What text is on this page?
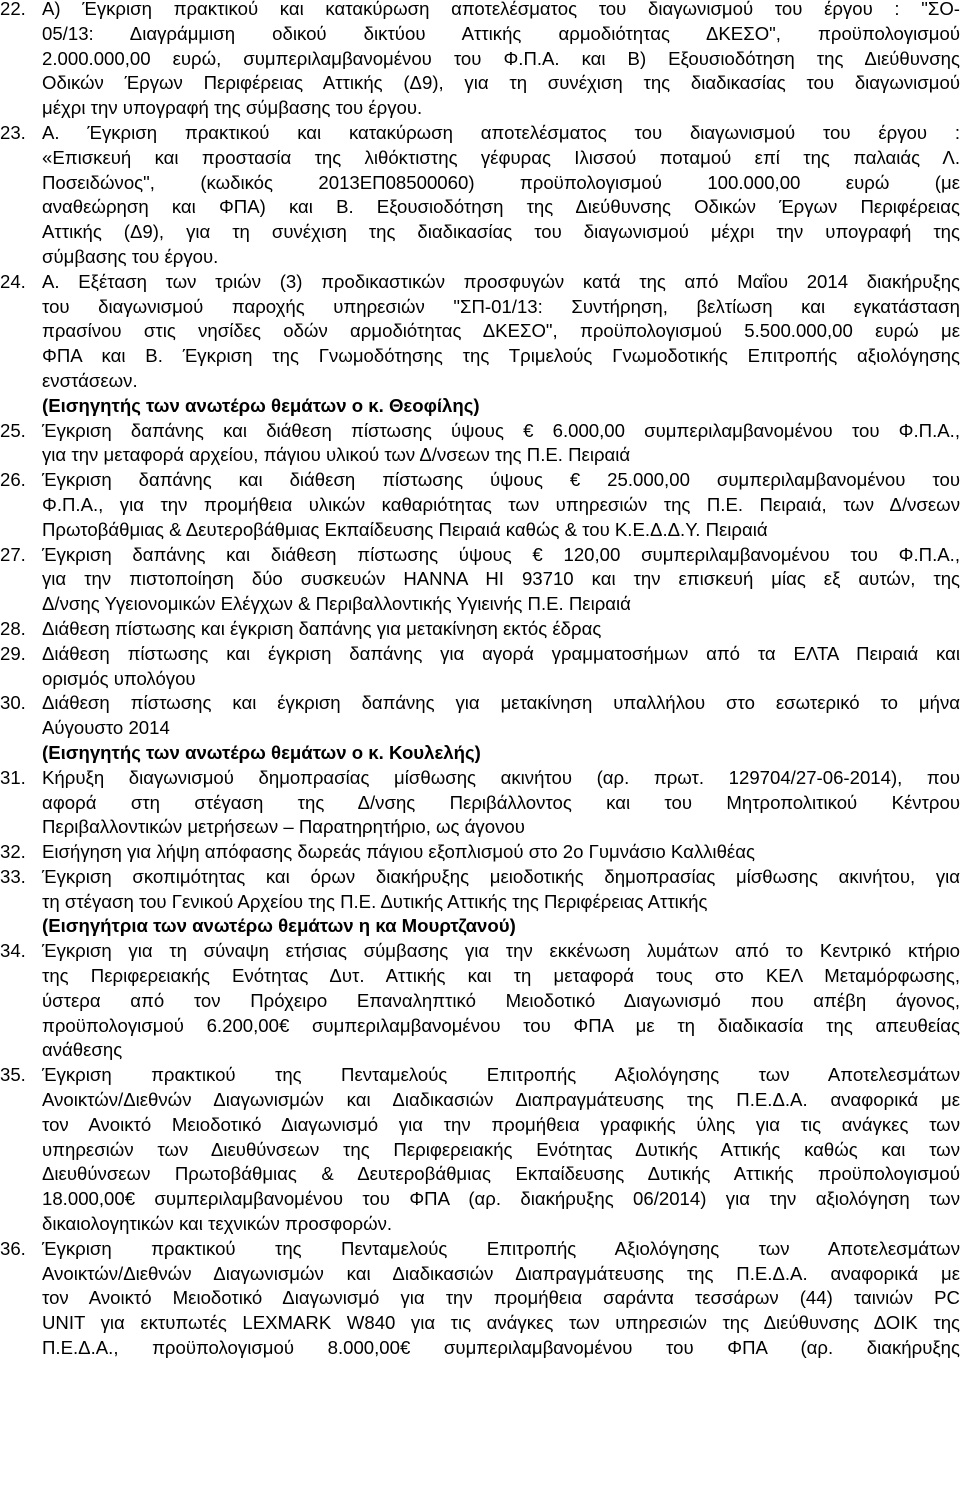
22. Α) Έγκριση πρακτικού και κατακύρωση αποτελέσματος του διαγωνισμού του έργου : "ΣΟ-
05/13: Διαγράμμιση οδικού δικτύου Αττικής αρμοδιότητας ΔΚΕΣΟ", προϋπολογισμού
2.000.000,00 ευρώ, συμπεριλαμβανομένου του Φ.Π.Α. και Β) Εξουσιοδότηση της Διεύθυνσης
Οδικών Έργων Περιφέρειας Αττικής (Δ9), για τη συνέχιση της διαδικασίας του διαγωνισμού
μέχρι την υπογραφή της σύμβασης του έργου.
23. Α. Έγκριση πρακτικού και κατακύρωση αποτελέσματος του διαγωνισμού του έργου :
«Επισκευή και προστασία της λιθόκτιστης γέφυρας Ιλισσού ποταμού επί της παλαιάς Λ.
Ποσειδώνος", (κωδικός 2013ΕΠ08500060) προϋπολογισμού 100.000,00 ευρώ (με
αναθεώρηση και ΦΠΑ) και Β. Εξουσιοδότηση της Διεύθυνσης Οδικών Έργων Περιφέρειας
Αττικής (Δ9), για τη συνέχιση της διαδικασίας του διαγωνισμού μέχρι την υπογραφή της
σύμβασης του έργου.
24. Α. Εξέταση των τριών (3) προδικαστικών προσφυγών κατά της από Μαΐου 2014 διακήρυξης
του διαγωνισμού παροχής υπηρεσιών "ΣΠ-01/13: Συντήρηση, βελτίωση και εγκατάσταση
πρασίνου στις νησίδες οδών αρμοδιότητας ΔΚΕΣΟ", προϋπολογισμού 5.500.000,00 ευρώ με
ΦΠΑ και Β. Έγκριση της Γνωμοδότησης της Τριμελούς Γνωμοδοτικής Επιτροπής αξιολόγησης
ενστάσεων.
(Εισηγητής των ανωτέρω θεμάτων ο κ. Θεοφίλης)
25. Έγκριση δαπάνης και διάθεση πίστωσης ύψους € 6.000,00 συμπεριλαμβανομένου του Φ.Π.Α.,
για την μεταφορά αρχείου, πάγιου υλικού των Δ/νσεων της Π.Ε. Πειραιά
26. Έγκριση δαπάνης και διάθεση πίστωσης ύψους € 25.000,00 συμπεριλαμβανομένου του
Φ.Π.Α., για την προμήθεια υλικών καθαριότητας των υπηρεσιών της Π.Ε. Πειραιά, των Δ/νσεων
Πρωτοβάθμιας & Δευτεροβάθμιας Εκπαίδευσης Πειραιά καθώς & του Κ.Ε.Δ.Δ.Υ. Πειραιά
27. Έγκριση δαπάνης και διάθεση πίστωσης ύψους € 120,00 συμπεριλαμβανομένου του Φ.Π.Α.,
για την πιστοποίηση δύο συσκευών HANNA HI 93710 και την επισκευή μίας εξ αυτών, της
Δ/νσης Υγειονομικών Ελέγχων & Περιβαλλοντικής Υγιεινής Π.Ε. Πειραιά
28. Διάθεση πίστωσης και έγκριση δαπάνης για μετακίνηση εκτός έδρας
29. Διάθεση πίστωσης και έγκριση δαπάνης για αγορά γραμματοσήμων από τα ΕΛΤΑ Πειραιά και
ορισμός υπολόγου
30. Διάθεση πίστωσης και έγκριση δαπάνης για μετακίνηση υπαλλήλου στο εσωτερικό το μήνα
Αύγουστο 2014
(Εισηγητής των ανωτέρω θεμάτων ο κ. Κουλελής)
31. Κήρυξη διαγωνισμού δημοπρασίας μίσθωσης ακινήτου (αρ. πρωτ. 129704/27-06-2014), που
αφορά στη στέγαση της Δ/νσης Περιβάλλοντος και του Μητροπολιτικού Κέντρου
Περιβαλλοντικών μετρήσεων – Παρατηρητήριο, ως άγονου
32. Εισήγηση για λήψη απόφασης δωρεάς πάγιου εξοπλισμού στο 2ο Γυμνάσιο Καλλιθέας
33. Έγκριση σκοπιμότητας και όρων διακήρυξης μειοδοτικής δημοπρασίας μίσθωσης ακινήτου, για
τη στέγαση του Γενικού Αρχείου της Π.Ε. Δυτικής Αττικής της Περιφέρειας Αττικής
(Εισηγήτρια των ανωτέρω θεμάτων η κα Μουρτζανού)
34. Έγκριση για τη σύναψη ετήσιας σύμβασης για την εκκένωση λυμάτων από το Κεντρικό κτήριο
της Περιφερειακής Ενότητας Δυτ. Αττικής και τη μεταφορά τους στο ΚΕΛ Μεταμόρφωσης,
ύστερα από τον Πρόχειρο Επαναληπτικό Μειοδοτικό Διαγωνισμό που απέβη άγονος,
προϋπολογισμού 6.200,00€ συμπεριλαμβανομένου του ΦΠΑ με τη διαδικασία της απευθείας
ανάθεσης
35. Έγκριση πρακτικού της Πενταμελούς Επιτροπής Αξιολόγησης των Αποτελεσμάτων
Ανοικτών/Διεθνών Διαγωνισμών και Διαδικασιών Διαπραγμάτευσης της Π.Ε.Δ.Α. αναφορικά με
τον Ανοικτό Μειοδοτικό Διαγωνισμό για την προμήθεια γραφικής ύλης για τις ανάγκες των
υπηρεσιών των Διευθύνσεων της Περιφερειακής Ενότητας Δυτικής Αττικής καθώς και των
Διευθύνσεων Πρωτοβάθμιας & Δευτεροβάθμιας Εκπαίδευσης Δυτικής Αττικής προϋπολογισμού
18.000,00€ συμπεριλαμβανομένου του ΦΠΑ (αρ. διακήρυξης 06/2014) για την αξιολόγηση των
δικαιολογητικών και τεχνικών προσφορών.
36. Έγκριση πρακτικού της Πενταμελούς Επιτροπής Αξιολόγησης των Αποτελεσμάτων
Ανοικτών/Διεθνών Διαγωνισμών και Διαδικασιών Διαπραγμάτευσης της Π.Ε.Δ.Α. αναφορικά με
τον Ανοικτό Μειοδοτικό Διαγωνισμό για την προμήθεια σαράντα τεσσάρων (44) ταινιών PC
UNIT για εκτυπωτές LEXMARK W840 για τις ανάγκες των υπηρεσιών της Διεύθυνσης ΔΟΙΚ της
Π.Ε.Δ.Α., προϋπολογισμού 8.000,00€ συμπεριλαμβανομένου του ΦΠΑ (αρ. διακήρυξης
